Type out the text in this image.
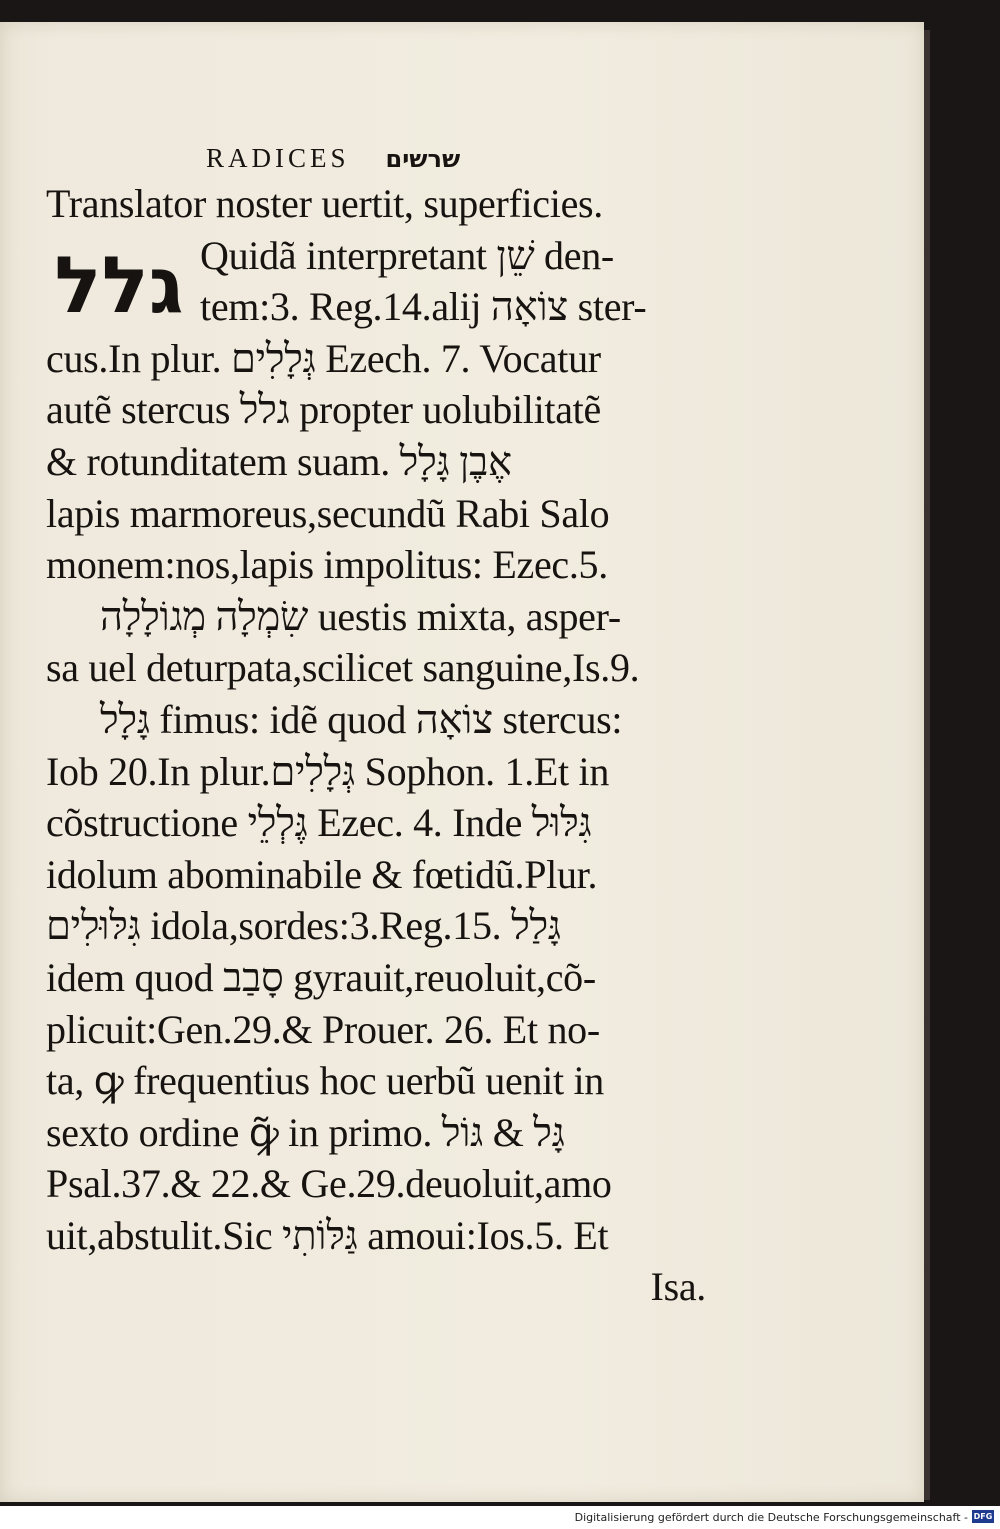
גלל
RADICES שרשים
Translator noster uertit, superficies.
Quidã interpretant שֵׁן den-
tem:3. Reg.14.alij צוֹאָה ster-
cus.In plur. גְּלָלִים Ezech. 7. Vocatur
autẽ stercus גלל propter uolubilitatẽ
& rotunditatem suam. אֶבֶן גָּלָל
lapis marmoreus,secundũ Rabi Salo
monem:nos,lapis impolitus: Ezec.5.
שִׂמְלָה מְגוֹלָלָה uestis mixta, asper-
sa uel deturpata,scilicet sanguine,Is.9.
גָּלָל fimus: idẽ quod צוֹאָה stercus:
Iob 20.In plur.גְּלָלִים Sophon. 1.Et in
cõstructione גֶּלְלֵי Ezec. 4. Inde גִּלּוּל
idolum abominabile & fœtidũ.Plur.
גִּלּוּלִים idola,sordes:3.Reg.15. גָּלַל
idem quod סָבַב gyrauit,reuoluit,cõ-
plicuit:Gen.29.& Prouer. 26. Et no-
ta, ꝙ frequentius hoc uerbũ uenit in
sexto ordine ꝙ̃ in primo. גָּל & גּוֹל
Psal.37.& 22.& Ge.29.deuoluit,amo
uit,abstulit.Sic גַּלּוֹתִי amoui:Ios.5. Et
Isa.
Digitalisierung gefördert durch die Deutsche Forschungsgemeinschaft - DFG
